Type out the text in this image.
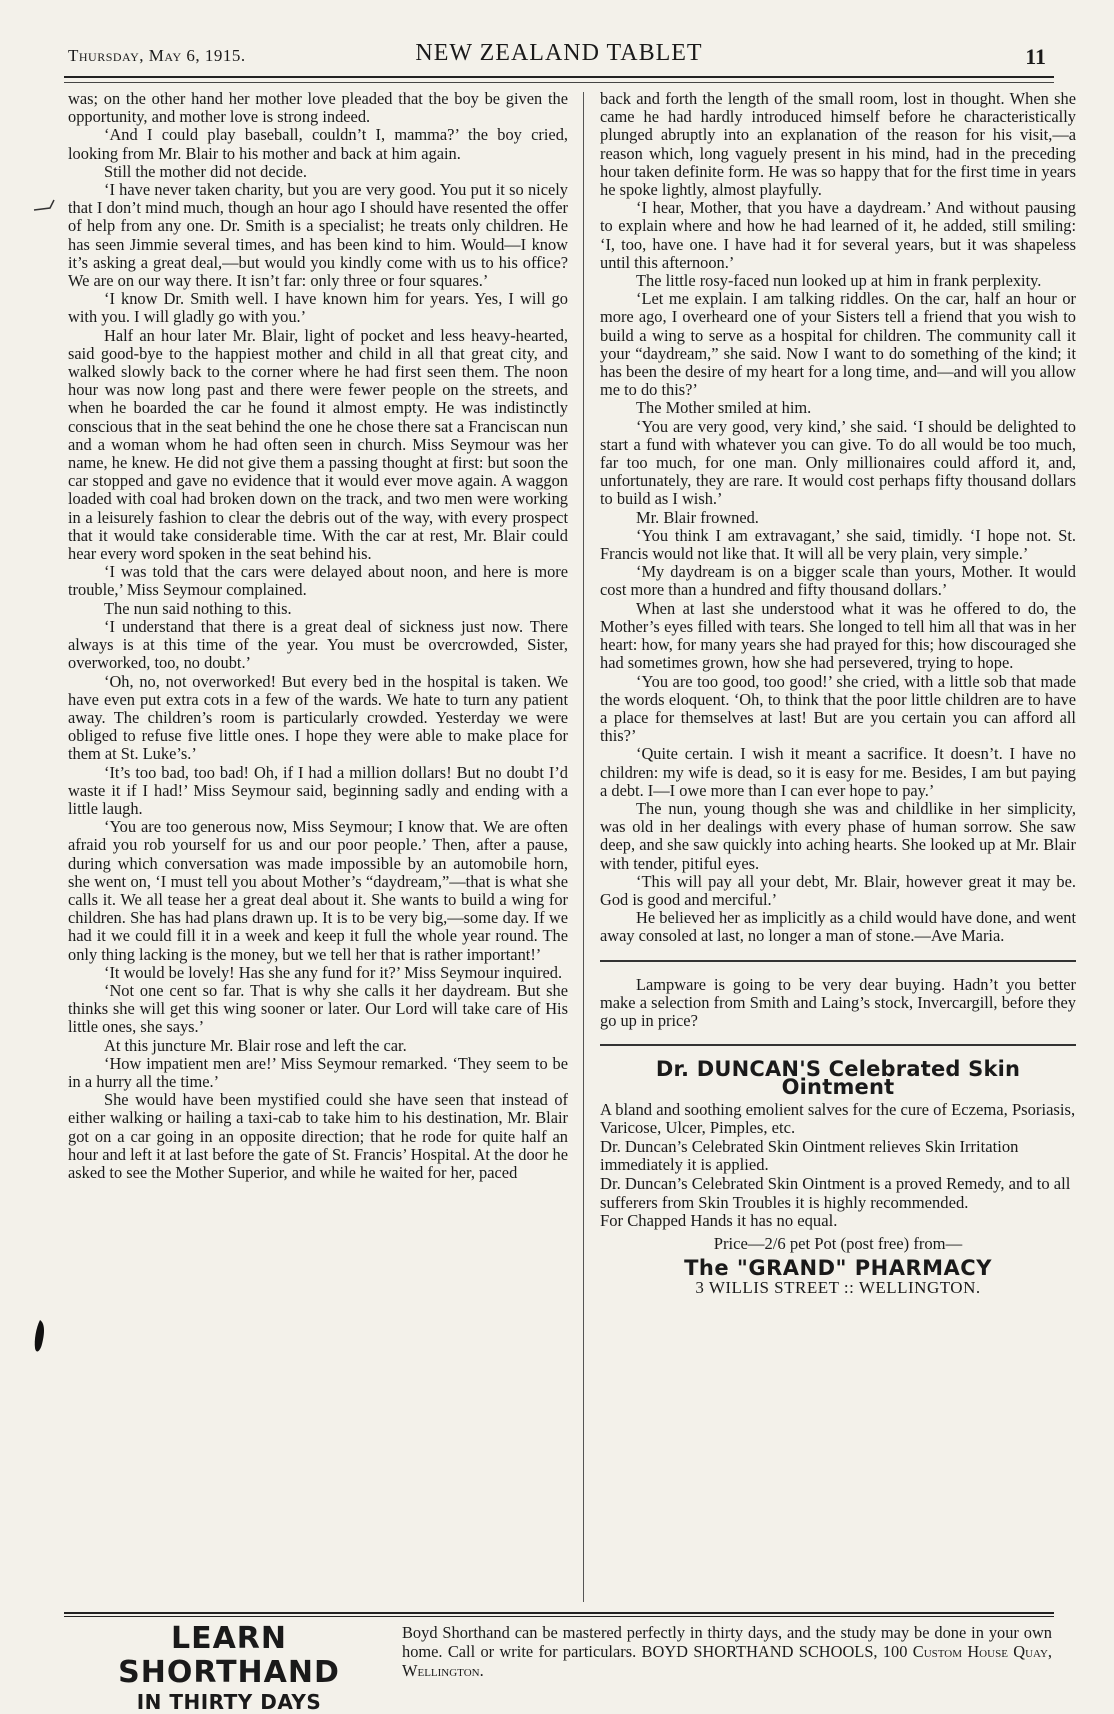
Thursday, May 6, 1915.	NEW ZEALAND TABLET	11

was; on the other hand her mother love pleaded that the boy be given the opportunity, and mother love is strong indeed.

‘And I could play baseball, couldn’t I, mamma?’ the boy cried, looking from Mr. Blair to his mother and back at him again.

Still the mother did not decide.

‘I have never taken charity, but you are very good. You put it so nicely that I don’t mind much, though an hour ago I should have resented the offer of help from any one. Dr. Smith is a specialist; he treats only children. He has seen Jimmie several times, and has been kind to him. Would—I know it’s asking a great deal,—but would you kindly come with us to his office? We are on our way there. It isn’t far: only three or four squares.’

‘I know Dr. Smith well. I have known him for years. Yes, I will go with you. I will gladly go with you.’

Half an hour later Mr. Blair, light of pocket and less heavy-hearted, said good-bye to the happiest mother and child in all that great city, and walked slowly back to the corner where he had first seen them. The noon hour was now long past and there were fewer people on the streets, and when he boarded the car he found it almost empty. He was indistinctly conscious that in the seat behind the one he chose there sat a Franciscan nun and a woman whom he had often seen in church. Miss Seymour was her name, he knew. He did not give them a passing thought at first: but soon the car stopped and gave no evidence that it would ever move again. A waggon loaded with coal had broken down on the track, and two men were working in a leisurely fashion to clear the debris out of the way, with every prospect that it would take considerable time. With the car at rest, Mr. Blair could hear every word spoken in the seat behind his.

‘I was told that the cars were delayed about noon, and here is more trouble,’ Miss Seymour complained.

The nun said nothing to this.

‘I understand that there is a great deal of sickness just now. There always is at this time of the year. You must be overcrowded, Sister, overworked, too, no doubt.’

‘Oh, no, not overworked! But every bed in the hospital is taken. We have even put extra cots in a few of the wards. We hate to turn any patient away. The children’s room is particularly crowded. Yesterday we were obliged to refuse five little ones. I hope they were able to make place for them at St. Luke’s.’

‘It’s too bad, too bad! Oh, if I had a million dollars! But no doubt I’d waste it if I had!’ Miss Seymour said, beginning sadly and ending with a little laugh.

‘You are too generous now, Miss Seymour; I know that. We are often afraid you rob yourself for us and our poor people.’ Then, after a pause, during which conversation was made impossible by an automobile horn, she went on, ‘I must tell you about Mother’s “daydream,”—that is what she calls it. We all tease her a great deal about it. She wants to build a wing for children. She has had plans drawn up. It is to be very big,—some day. If we had it we could fill it in a week and keep it full the whole year round. The only thing lacking is the money, but we tell her that is rather important!’

‘It would be lovely! Has she any fund for it?’ Miss Seymour inquired.

‘Not one cent so far. That is why she calls it her daydream. But she thinks she will get this wing sooner or later. Our Lord will take care of His little ones, she says.’

At this juncture Mr. Blair rose and left the car.

‘How impatient men are!’ Miss Seymour remarked. ‘They seem to be in a hurry all the time.’

She would have been mystified could she have seen that instead of either walking or hailing a taxi-cab to take him to his destination, Mr. Blair got on a car going in an opposite direction; that he rode for quite half an hour and left it at last before the gate of St. Francis’ Hospital. At the door he asked to see the Mother Superior, and while he waited for her, paced

back and forth the length of the small room, lost in thought. When she came he had hardly introduced himself before he characteristically plunged abruptly into an explanation of the reason for his visit,—a reason which, long vaguely present in his mind, had in the preceding hour taken definite form. He was so happy that for the first time in years he spoke lightly, almost playfully.

‘I hear, Mother, that you have a daydream.’ And without pausing to explain where and how he had learned of it, he added, still smiling: ‘I, too, have one. I have had it for several years, but it was shapeless until this afternoon.’

The little rosy-faced nun looked up at him in frank perplexity.

‘Let me explain. I am talking riddles. On the car, half an hour or more ago, I overheard one of your Sisters tell a friend that you wish to build a wing to serve as a hospital for children. The community call it your “daydream,” she said. Now I want to do something of the kind; it has been the desire of my heart for a long time, and—and will you allow me to do this?’

The Mother smiled at him.

‘You are very good, very kind,’ she said. ‘I should be delighted to start a fund with whatever you can give. To do all would be too much, far too much, for one man. Only millionaires could afford it, and, unfortunately, they are rare. It would cost perhaps fifty thousand dollars to build as I wish.’

Mr. Blair frowned.

‘You think I am extravagant,’ she said, timidly. ‘I hope not. St. Francis would not like that. It will all be very plain, very simple.’

‘My daydream is on a bigger scale than yours, Mother. It would cost more than a hundred and fifty thousand dollars.’

When at last she understood what it was he offered to do, the Mother’s eyes filled with tears. She longed to tell him all that was in her heart: how, for many years she had prayed for this; how discouraged she had sometimes grown, how she had persevered, trying to hope.

‘You are too good, too good!’ she cried, with a little sob that made the words eloquent. ‘Oh, to think that the poor little children are to have a place for themselves at last! But are you certain you can afford all this?’

‘Quite certain. I wish it meant a sacrifice. It doesn’t. I have no children: my wife is dead, so it is easy for me. Besides, I am but paying a debt. I—I owe more than I can ever hope to pay.’

The nun, young though she was and childlike in her simplicity, was old in her dealings with every phase of human sorrow. She saw deep, and she saw quickly into aching hearts. She looked up at Mr. Blair with tender, pitiful eyes.

‘This will pay all your debt, Mr. Blair, however great it may be. God is good and merciful.’

He believed her as implicitly as a child would have done, and went away consoled at last, no longer a man of stone.—Ave Maria.

Lampware is going to be very dear buying. Hadn’t you better make a selection from Smith and Laing’s stock, Invercargill, before they go up in price?

Dr. DUNCAN'S Celebrated Skin Ointment

A bland and soothing emolient salves for the cure of Eczema, Psoriasis, Varicose, Ulcer, Pimples, etc.

Dr. Duncan’s Celebrated Skin Ointment relieves Skin Irritation immediately it is applied.

Dr. Duncan’s Celebrated Skin Ointment is a proved Remedy, and to all sufferers from Skin Troubles it is highly recommended.

For Chapped Hands it has no equal.

Price—2/6 pet Pot (post free) from—
The "GRAND" PHARMACY
3 WILLIS STREET :: WELLINGTON.
LEARN SHORTHAND
IN THIRTY DAYS
Boyd Shorthand can be mastered perfectly in thirty days, and the study may be done in your own home. Call or write for particulars. BOYD SHORTHAND SCHOOLS, 100 Custom House Quay, Wellington.
